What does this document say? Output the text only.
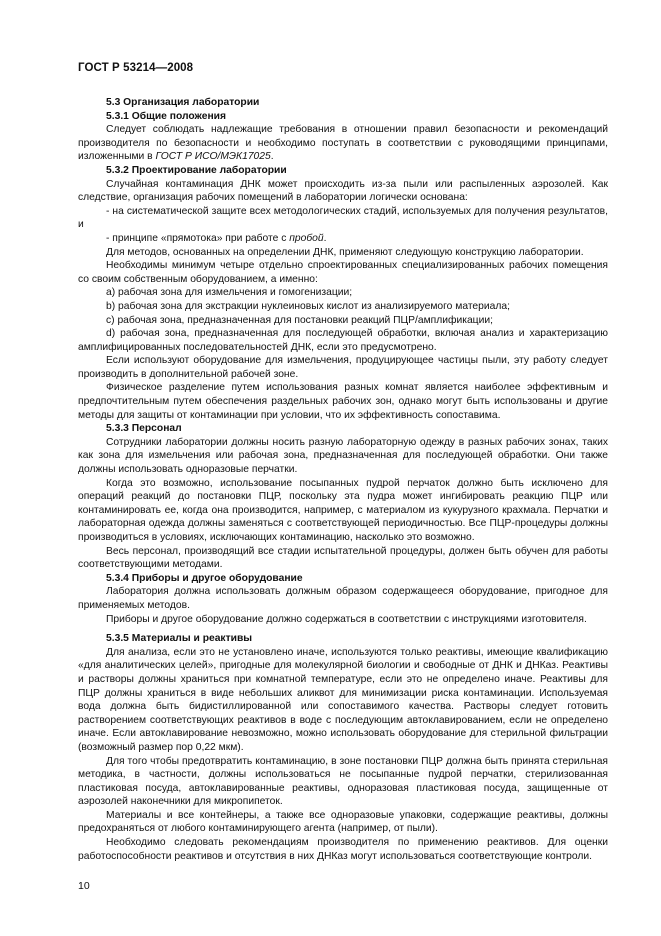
ГОСТ Р 53214—2008

5.3 Организация лаборатории

5.3.1 Общие положения

Следует соблюдать надлежащие требования в отношении правил безопасности и рекомендаций производителя по безопасности и необходимо поступать в соответствии с руководящими принципами, изложенными в ГОСТ Р ИСО/МЭК17025.

5.3.2 Проектирование лаборатории

Случайная контаминация ДНК может происходить из-за пыли или распыленных аэрозолей. Как следствие, организация рабочих помещений в лаборатории логически основана:

- на систематической защите всех методологических стадий, используемых для получения результатов, и

- принципе «прямотока» при работе с пробой.

Для методов, основанных на определении ДНК, применяют следующую конструкцию лаборатории.

Необходимы минимум четыре отдельно спроектированных специализированных рабочих помещения со своим собственным оборудованием, а именно:

a) рабочая зона для измельчения и гомогенизации;

b) рабочая зона для экстракции нуклеиновых кислот из анализируемого материала;

c) рабочая зона, предназначенная для постановки реакций ПЦР/амплификации;

d) рабочая зона, предназначенная для последующей обработки, включая анализ и характеризацию амплифицированных последовательностей ДНК, если это предусмотрено.

Если используют оборудование для измельчения, продуцирующее частицы пыли, эту работу следует производить в дополнительной рабочей зоне.

Физическое разделение путем использования разных комнат является наиболее эффективным и предпочтительным путем обеспечения раздельных рабочих зон, однако могут быть использованы и другие методы для защиты от контаминации при условии, что их эффективность сопоставима.

5.3.3 Персонал

Сотрудники лаборатории должны носить разную лабораторную одежду в разных рабочих зонах, таких как зона для измельчения или рабочая зона, предназначенная для последующей обработки. Они также должны использовать одноразовые перчатки.

Когда это возможно, использование посыпанных пудрой перчаток должно быть исключено для операций реакций до постановки ПЦР, поскольку эта пудра может ингибировать реакцию ПЦР или контаминировать ее, когда она производится, например, с материалом из кукурузного крахмала. Перчатки и лабораторная одежда должны заменяться с соответствующей периодичностью. Все ПЦР-процедуры должны производиться в условиях, исключающих контаминацию, насколько это возможно.

Весь персонал, производящий все стадии испытательной процедуры, должен быть обучен для работы соответствующими методами.

5.3.4 Приборы и другое оборудование

Лаборатория должна использовать должным образом содержащееся оборудование, пригодное для применяемых методов.

Приборы и другое оборудование должно содержаться в соответствии с инструкциями изготовителя.

5.3.5 Материалы и реактивы

Для анализа, если это не установлено иначе, используются только реактивы, имеющие квалификацию «для аналитических целей», пригодные для молекулярной биологии и свободные от ДНК и ДНКаз. Реактивы и растворы должны храниться при комнатной температуре, если это не определено иначе. Реактивы для ПЦР должны храниться в виде небольших аликвот для минимизации риска контаминации. Используемая вода должна быть бидистиллированной или сопоставимого качества. Растворы следует готовить растворением соответствующих реактивов в воде с последующим автоклавированием, если не определено иначе. Если автоклавирование невозможно, можно использовать оборудование для стерильной фильтрации (возможный размер пор 0,22 мкм).

Для того чтобы предотвратить контаминацию, в зоне постановки ПЦР должна быть принята стерильная методика, в частности, должны использоваться не посыпанные пудрой перчатки, стерилизованная пластиковая посуда, автоклавированные реактивы, одноразовая пластиковая посуда, защищенные от аэрозолей наконечники для микропипеток.

Материалы и все контейнеры, а также все одноразовые упаковки, содержащие реактивы, должны предохраняться от любого контаминирующего агента (например, от пыли).

Необходимо следовать рекомендациям производителя по применению реактивов. Для оценки работоспособности реактивов и отсутствия в них ДНКаз могут использоваться соответствующие контроли.

10
